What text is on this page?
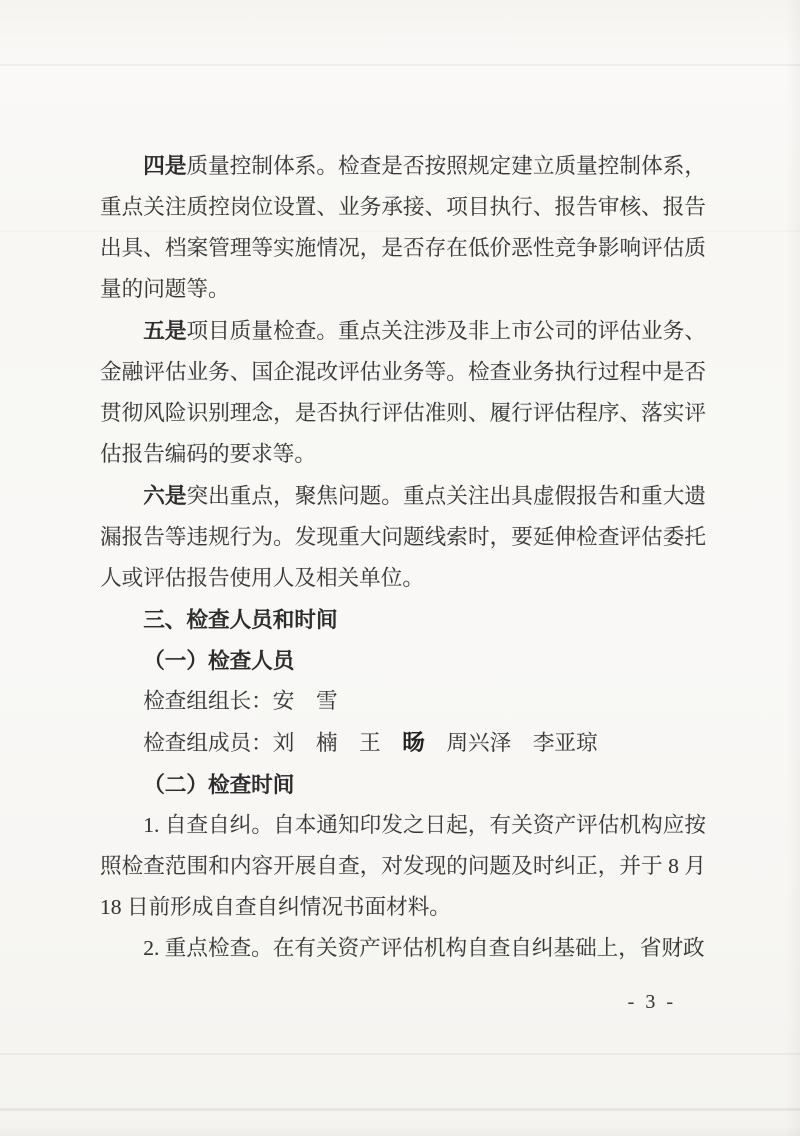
四是质量控制体系。检查是否按照规定建立质量控制体系，重点关注质控岗位设置、业务承接、项目执行、报告审核、报告出具、档案管理等实施情况，是否存在低价恶性竞争影响评估质量的问题等。

五是项目质量检查。重点关注涉及非上市公司的评估业务、金融评估业务、国企混改评估业务等。检查业务执行过程中是否贯彻风险识别理念，是否执行评估准则、履行评估程序、落实评估报告编码的要求等。

六是突出重点，聚焦问题。重点关注出具虚假报告和重大遗漏报告等违规行为。发现重大问题线索时，要延伸检查评估委托人或评估报告使用人及相关单位。

三、检查人员和时间
（一）检查人员

检查组组长：安　雪

检查组成员：刘　楠　王　旸　周兴泽　李亚琼

（二）检查时间

1. 自查自纠。自本通知印发之日起，有关资产评估机构应按照检查范围和内容开展自查，对发现的问题及时纠正，并于 8 月 18 日前形成自查自纠情况书面材料。

2. 重点检查。在有关资产评估机构自查自纠基础上，省财政

- 3 -
